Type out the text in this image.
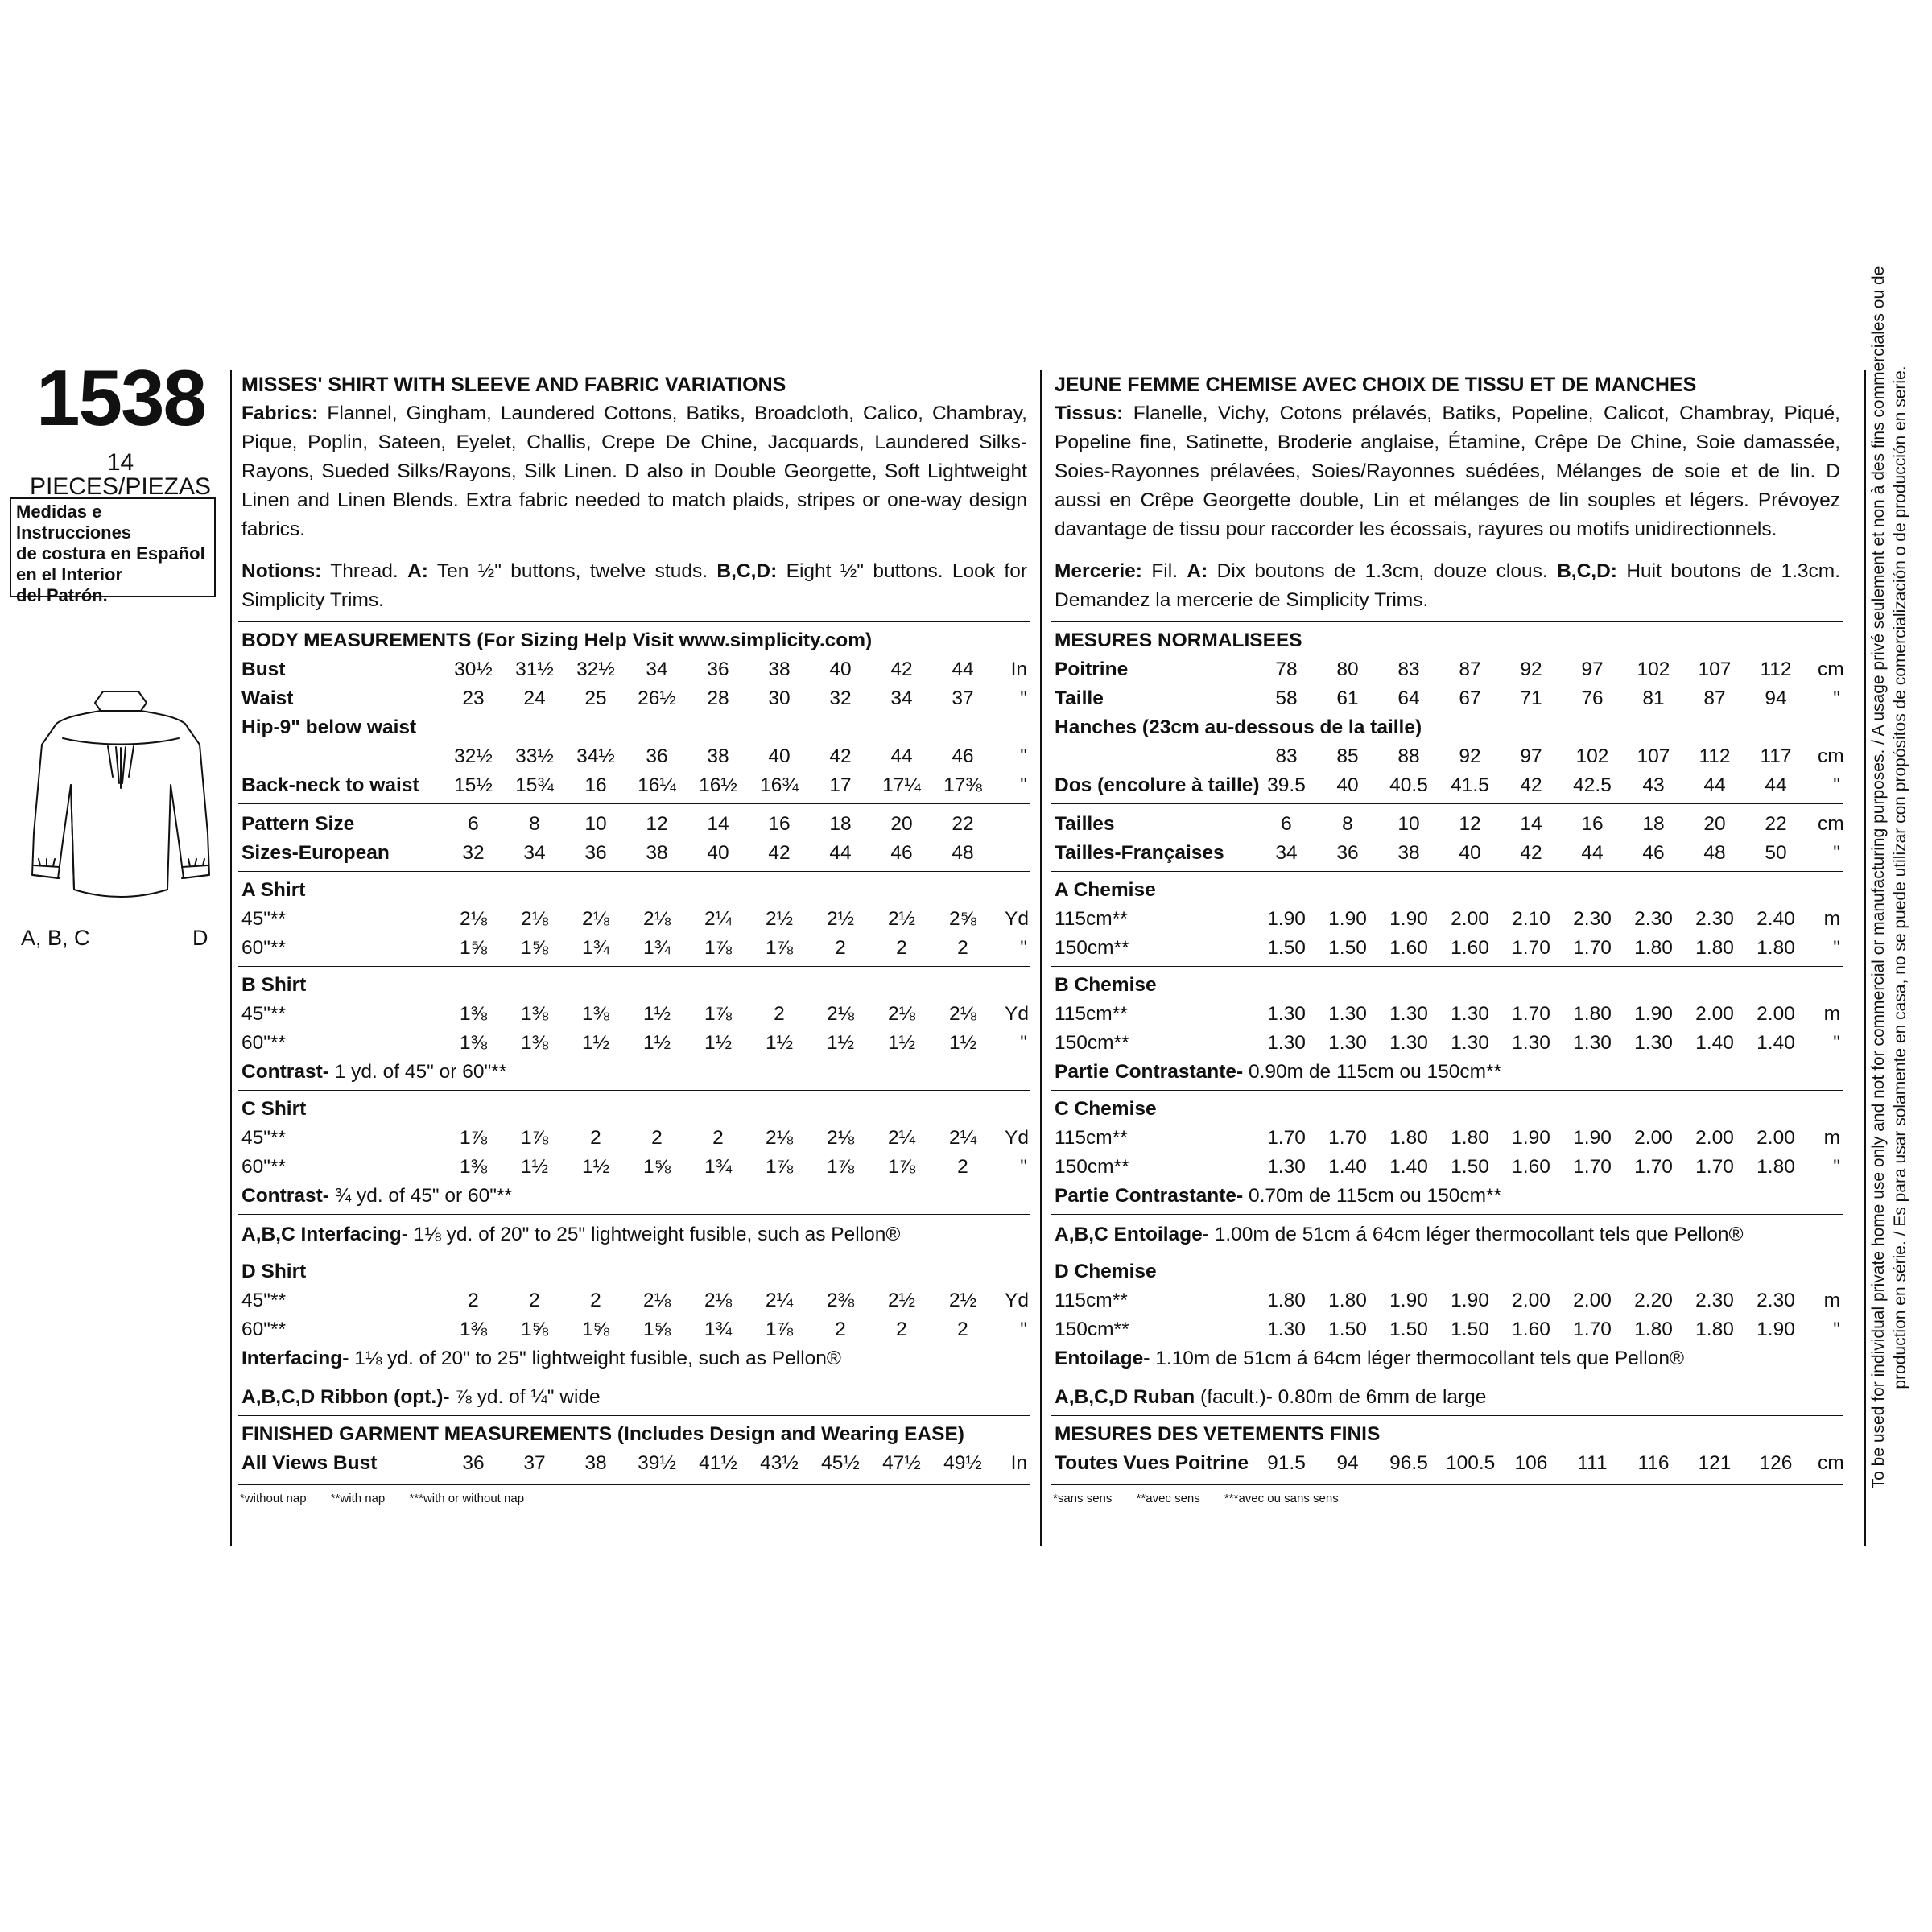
1538
14 PIECES/PIEZAS
Medidas e Instrucciones
de costura en Español
en el Interior
del Patrón.
A, B, C	D
MISSES' SHIRT WITH SLEEVE AND FABRIC VARIATIONS
Fabrics: Flannel, Gingham, Laundered Cottons, Batiks, Broadcloth, Calico, Chambray, Pique, Poplin, Sateen, Eyelet, Challis, Crepe De Chine, Jacquards, Laundered Silks-Rayons, Sueded Silks/Rayons, Silk Linen. D also in Double Georgette, Soft Lightweight Linen and Linen Blends. Extra fabric needed to match plaids, stripes or one-way design fabrics.
Notions: Thread. A: Ten ½" buttons, twelve studs. B,C,D: Eight ½" buttons. Look for Simplicity Trims.
BODY MEASUREMENTS (For Sizing Help Visit www.simplicity.com)
Bust	30½ 31½ 32½	34	36	38	40	42	44	In
Waist	23	24	25	26½	28	30	32	34	37	"
Hip-9" below waist
32½ 33½ 34½	36	38	40	42	44	46	"
Back-neck to waist 15½ 15¾	16	16¼ 16½ 16¾	17	17¼ 17⅜	"
Pattern Size	6	8	10	12	14	16	18	20	22
Sizes-European	32	34	36	38	40	42	44	46	48
A Shirt
45"**	2⅛	2⅛	2⅛	2⅛	2¼	2½	2½	2½	2⅝	Yd
60"**	1⅝	1⅝	1¾	1¾	1⅞	1⅞	2	2	2	"
B Shirt
45"**	1⅜	1⅜	1⅜	1½	1⅞	2	2⅛	2⅛	2⅛	Yd
60"**	1⅜	1⅜	1½	1½	1½	1½	1½	1½	1½	"
Contrast- 1 yd. of 45" or 60"**
C Shirt
45"**	1⅞	1⅞	2	2	2	2⅛	2⅛	2¼	2¼	Yd
60"**	1⅜	1½	1½	1⅝	1¾	1⅞	1⅞	1⅞	2	"
Contrast- ¾ yd. of 45" or 60"**
A,B,C Interfacing- 1⅛ yd. of 20" to 25" lightweight fusible, such as Pellon®
D Shirt
45"**	2	2	2	2⅛	2⅛	2¼	2⅜	2½	2½	Yd
60"**	1⅜	1⅝	1⅝	1⅝	1¾	1⅞	2	2	2	"
Interfacing- 1⅛ yd. of 20" to 25" lightweight fusible, such as Pellon®
A,B,C,D Ribbon (opt.)- ⅞ yd. of ¼" wide
FINISHED GARMENT MEASUREMENTS (Includes Design and Wearing EASE)
All Views Bust	36	37	38	39½ 41½ 43½ 45½ 47½ 49½	In
*without nap **with nap ***with or without nap
JEUNE FEMME CHEMISE AVEC CHOIX DE TISSU ET DE MANCHES
Tissus: Flanelle, Vichy, Cotons prélavés, Batiks, Popeline, Calicot, Chambray, Piqué, Popeline fine, Satinette, Broderie anglaise, Étamine, Crêpe De Chine, Soie damassée, Soies-Rayonnes prélavées, Soies/Rayonnes suédées, Mélanges de soie et de lin. D aussi en Crêpe Georgette double, Lin et mélanges de lin souples et légers. Prévoyez davantage de tissu pour raccorder les écossais, rayures ou motifs unidirectionnels.
Mercerie: Fil. A: Dix boutons de 1.3cm, douze clous. B,C,D: Huit boutons de 1.3cm. Demandez la mercerie de Simplicity Trims.
MESURES NORMALISEES
Poitrine	78	80	83	87	92	97	102	107	112	cm
Taille	58	61	64	67	71	76	81	87	94	"
Hanches (23cm au-dessous de la taille)
83	85	88	92	97	102	107	112	117	cm
Dos (encolure à taille) 39.5	40	40.5 41.5	42	42.5	43	44	44	"
Tailles	6	8	10	12	14	16	18	20	22	cm
Tailles-Françaises	34	36	38	40	42	44	46	48	50	"
A Chemise
115cm**	1.90 1.90 1.90 2.00 2.10 2.30 2.30 2.30 2.40	m
150cm**	1.50 1.50 1.60 1.60 1.70 1.70 1.80 1.80 1.80	"
B Chemise
115cm**	1.30 1.30 1.30 1.30 1.70 1.80 1.90 2.00 2.00	m
150cm**	1.30 1.30 1.30 1.30 1.30 1.30 1.30 1.40 1.40	"
Partie Contrastante- 0.90m de 115cm ou 150cm**
C Chemise
115cm**	1.70 1.70 1.80 1.80 1.90 1.90 2.00 2.00 2.00	m
150cm**	1.30 1.40 1.40 1.50 1.60 1.70 1.70 1.70 1.80	"
Partie Contrastante- 0.70m de 115cm ou 150cm**
A,B,C Entoilage- 1.00m de 51cm á 64cm léger thermocollant tels que Pellon®
D Chemise
115cm**	1.80 1.80 1.90 1.90 2.00 2.00 2.20 2.30 2.30	m
150cm**	1.30 1.50 1.50 1.50 1.60 1.70 1.80 1.80 1.90	"
Entoilage- 1.10m de 51cm á 64cm léger thermocollant tels que Pellon®
A,B,C,D Ruban (facult.)- 0.80m de 6mm de large
MESURES DES VETEMENTS FINIS
Toutes Vues Poitrine 91.5	94	96.5 100.5 106	111	116	121	126	cm
*sans sens **avec sens ***avec ou sans sens
To be used for individual private home use only and not for commercial or manufacturing purposes. / A usage privé seulement et non à des fins commerciales ou de production en série. / Es para usar solamente en casa, no se puede utilizar con propósitos de comercialización o de producción en serie.
